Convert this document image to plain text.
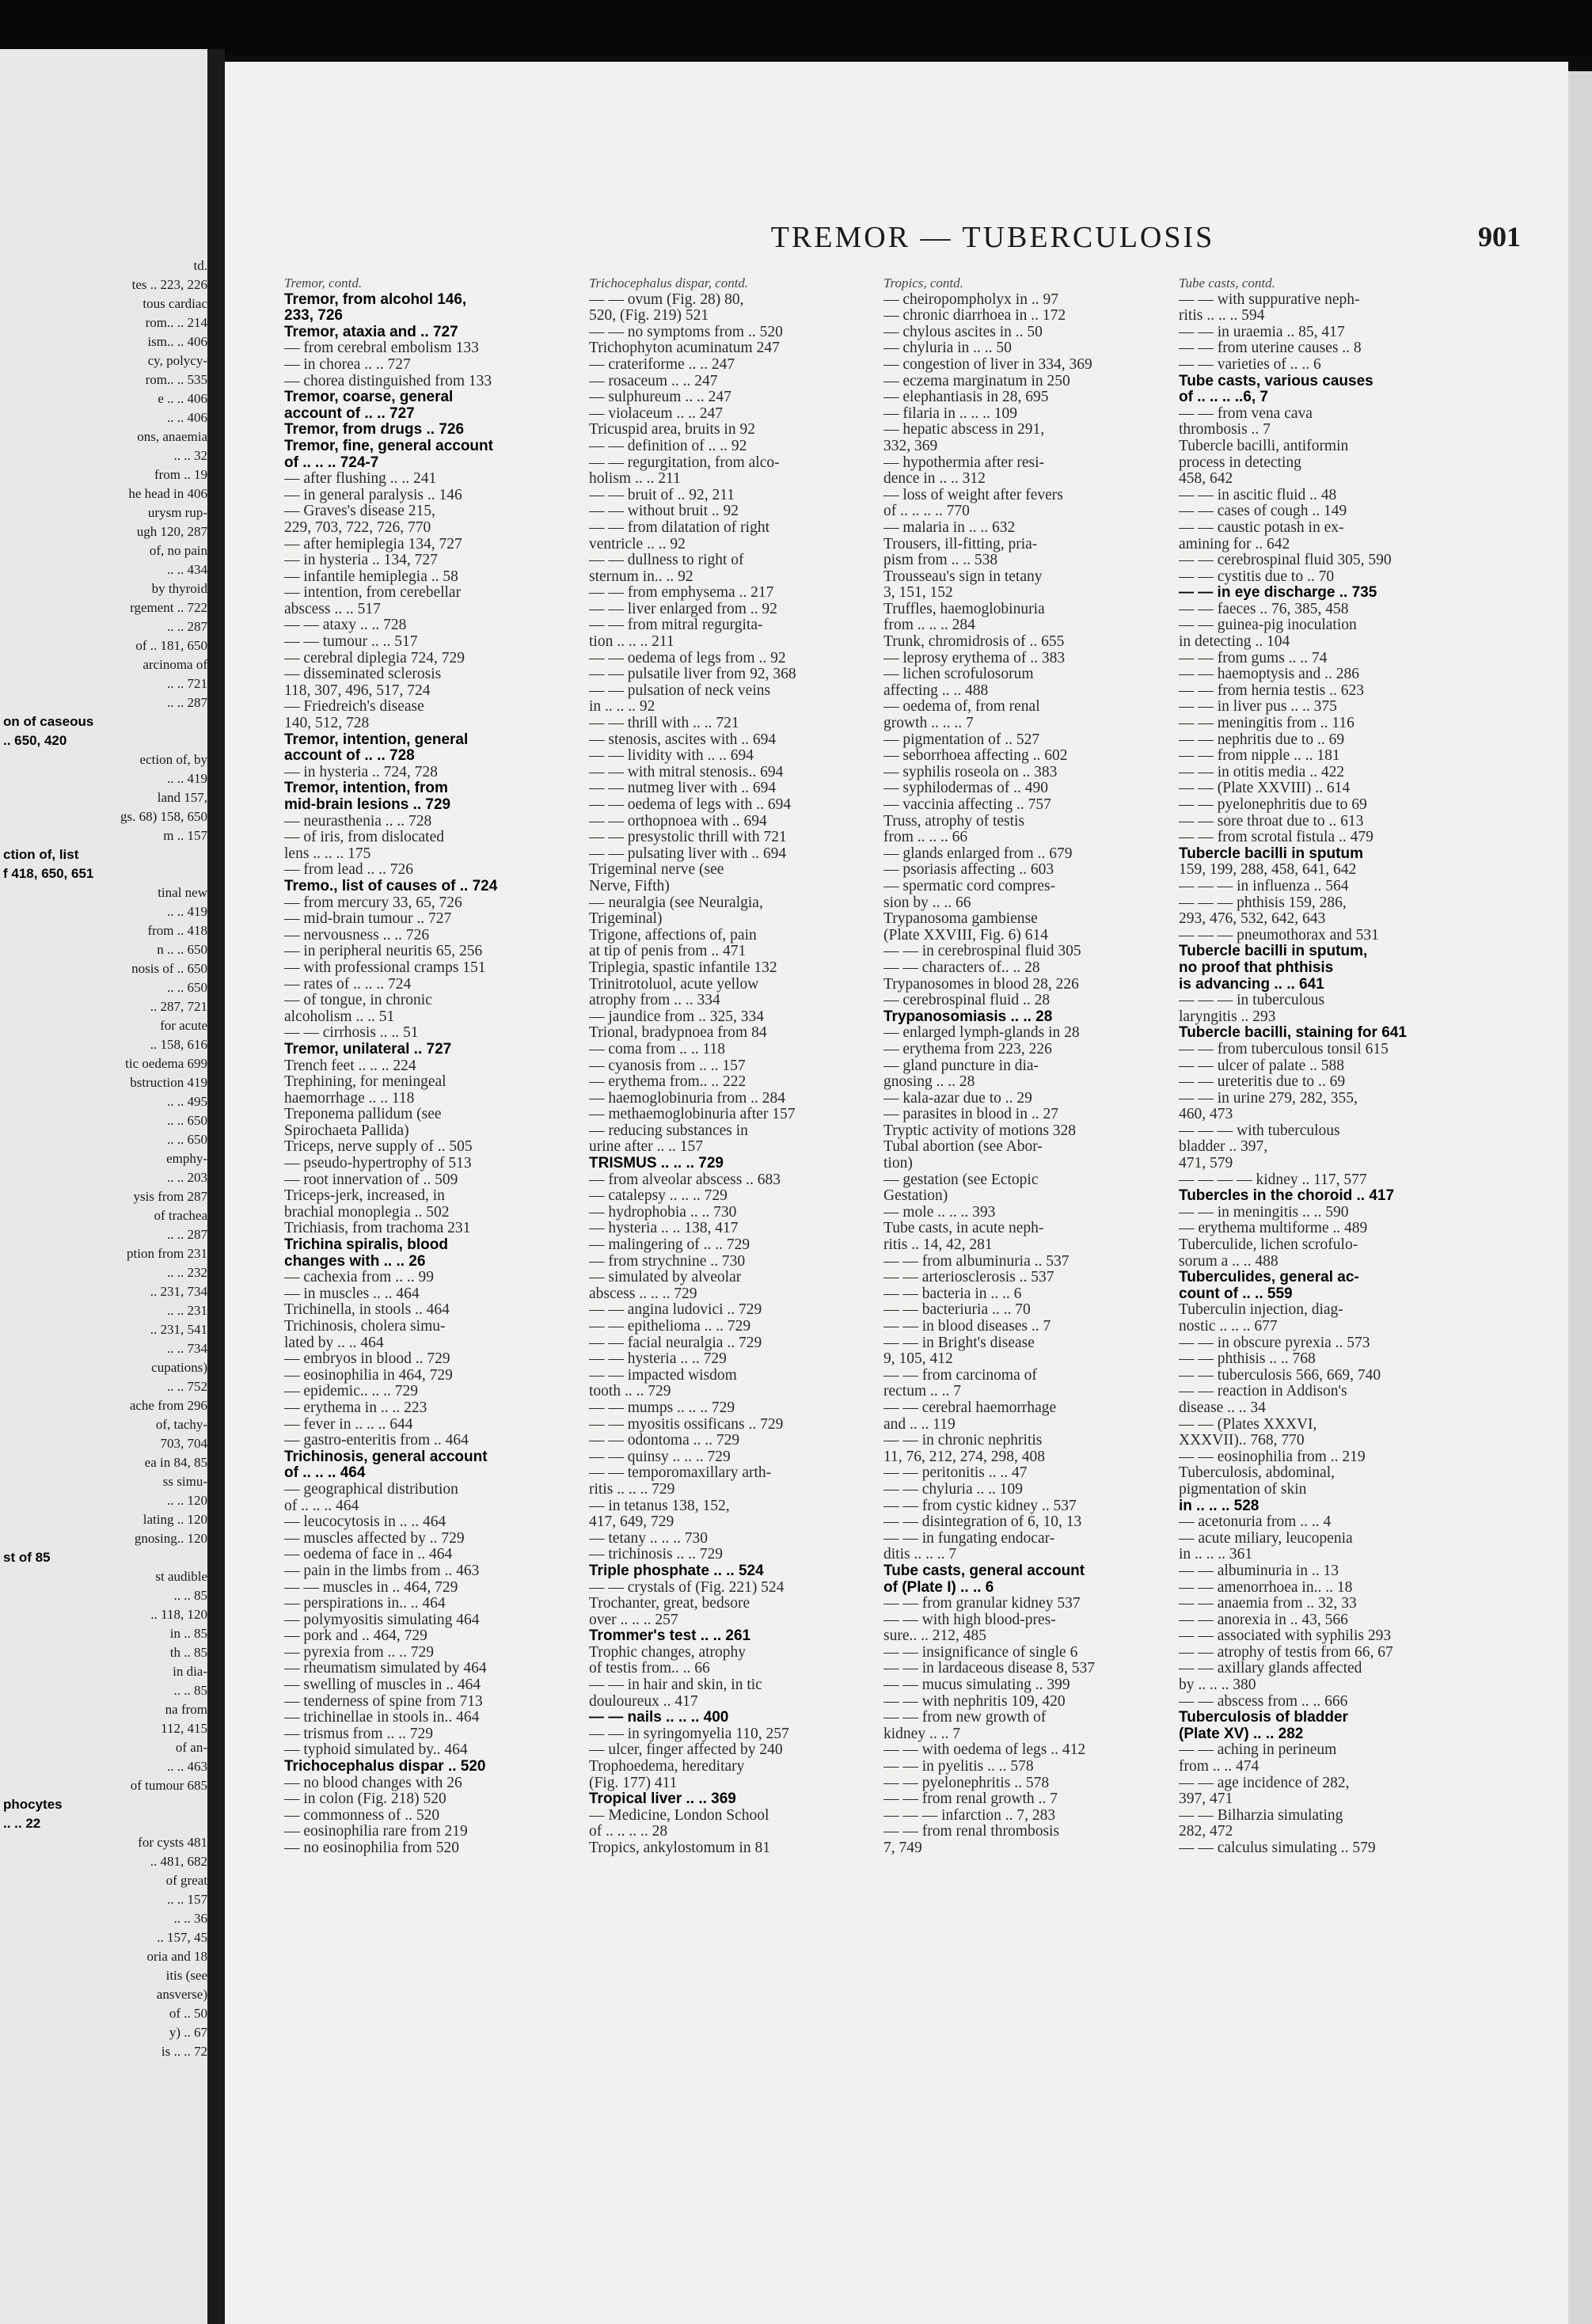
td.
tes .. 223, 226
tous cardiac
rom.. .. 214
ism.. .. 406
cy, polycy-
rom.. .. 535
e .. .. 406
.. .. 406
ons, anaemia
.. .. 32
from .. 19
he head in 406
urysm rup-
ugh 120, 287
of, no pain
.. .. 434
by thyroid
rgement .. 722
.. .. 287
of .. 181, 650
arcinoma of
.. .. 721
.. .. 287
on of caseous
.. 650, 420
ection of, by
.. .. 419
land 157,
gs. 68) 158, 650
m .. 157
ction of, list
f 418, 650, 651
tinal new
.. .. 419
from .. 418
n .. .. 650
nosis of .. 650
.. .. 650
.. 287, 721
for acute
.. 158, 616
tic oedema 699
bstruction 419
.. .. 495
.. .. 650
.. .. 650
emphy-
.. .. 203
ysis from 287
of trachea
.. .. 287
ption from 231
.. .. 232
.. 231, 734
.. .. 231
.. 231, 541
.. .. 734
cupations)
.. .. 752
ache from 296
of, tachy-
703, 704
ea in 84, 85
ss simu-
.. .. 120
lating .. 120
gnosing.. 120
st of 85
st audible
.. .. 85
.. 118, 120
in .. 85
th .. 85
in dia-
.. .. 85
na from
112, 415
of an-
.. .. 463
of tumour 685
phocytes
.. .. 22
for cysts 481
.. 481, 682
of great
.. .. 157
.. .. 36
.. 157, 45
oria and 18
itis (see
ansverse)
of .. 50
y) .. 67
is .. .. 72
TREMOR — TUBERCULOSIS	901
Tremor, contd.
Tremor, from alcohol 146,
233, 726
Tremor, ataxia and .. 727
— from cerebral embolism 133
— in chorea .. .. 727
— chorea distinguished from 133
Tremor, coarse, general
account of .. .. 727
Tremor, from drugs .. 726
Tremor, fine, general account
of .. .. .. 724-7
— after flushing .. .. 241
— in general paralysis .. 146
— Graves's disease 215,
229, 703, 722, 726, 770
— after hemiplegia 134, 727
— in hysteria .. 134, 727
— infantile hemiplegia .. 58
— intention, from cerebellar
abscess .. .. 517
— — ataxy .. .. 728
— — tumour .. .. 517
— cerebral diplegia 724, 729
— disseminated sclerosis
118, 307, 496, 517, 724
— Friedreich's disease
140, 512, 728
Tremor, intention, general
account of .. .. 728
— in hysteria .. 724, 728
Tremor, intention, from
mid-brain lesions .. 729
— neurasthenia .. .. 728
— of iris, from dislocated
lens .. .. .. 175
— from lead .. .. 726
Tremo., list of causes of .. 724
— from mercury 33, 65, 726
— mid-brain tumour .. 727
— nervousness .. .. 726
— in peripheral neuritis 65, 256
— with professional cramps 151
— rates of .. .. .. 724
— of tongue, in chronic
alcoholism .. .. 51
— — cirrhosis .. .. 51
Tremor, unilateral .. 727
Trench feet .. .. .. 224
Trephining, for meningeal
haemorrhage .. .. 118
Treponema pallidum (see
Spirochaeta Pallida)
Triceps, nerve supply of .. 505
— pseudo-hypertrophy of 513
— root innervation of .. 509
Triceps-jerk, increased, in
brachial monoplegia .. 502
Trichiasis, from trachoma 231
Trichina spiralis, blood
changes with .. .. 26
— cachexia from .. .. 99
— in muscles .. .. 464
Trichinella, in stools .. 464
Trichinosis, cholera simu-
lated by .. .. 464
— embryos in blood .. 729
— eosinophilia in 464, 729
— epidemic.. .. .. 729
— erythema in .. .. 223
— fever in .. .. .. 644
— gastro-enteritis from .. 464
Trichinosis, general account
of .. .. .. 464
— geographical distribution
of .. .. .. 464
— leucocytosis in .. .. 464
— muscles affected by .. 729
— oedema of face in .. 464
— pain in the limbs from .. 463
— — muscles in .. 464, 729
— perspirations in.. .. 464
— polymyositis simulating 464
— pork and .. 464, 729
— pyrexia from .. .. 729
— rheumatism simulated by 464
— swelling of muscles in .. 464
— tenderness of spine from 713
— trichinellae in stools in.. 464
— trismus from .. .. 729
— typhoid simulated by.. 464
Trichocephalus dispar .. 520
— no blood changes with 26
— in colon (Fig. 218) 520
— commonness of .. 520
— eosinophilia rare from 219
— no eosinophilia from 520
Trichocephalus dispar, contd.
— — ovum (Fig. 28) 80,
520, (Fig. 219) 521
— — no symptoms from .. 520
Trichophyton acuminatum 247
— crateriforme .. .. 247
— rosaceum .. .. 247
— sulphureum .. .. 247
— violaceum .. .. 247
Tricuspid area, bruits in 92
— — definition of .. .. 92
— — regurgitation, from alco-
holism .. .. 211
— — bruit of .. 92, 211
— — without bruit .. 92
— — from dilatation of right
ventricle .. .. 92
— — dullness to right of
sternum in.. .. 92
— — from emphysema .. 217
— — liver enlarged from .. 92
— — from mitral regurgita-
tion .. .. .. 211
— — oedema of legs from .. 92
— — pulsatile liver from 92, 368
— — pulsation of neck veins
in .. .. .. 92
— — thrill with .. .. 721
— stenosis, ascites with .. 694
— — lividity with .. .. 694
— — with mitral stenosis.. 694
— — nutmeg liver with .. 694
— — oedema of legs with .. 694
— — orthopnoea with .. 694
— — presystolic thrill with 721
— — pulsating liver with .. 694
Trigeminal nerve (see
Nerve, Fifth)
— neuralgia (see Neuralgia,
Trigeminal)
Trigone, affections of, pain
at tip of penis from .. 471
Triplegia, spastic infantile 132
Trinitrotoluol, acute yellow
atrophy from .. .. 334
— jaundice from .. 325, 334
Trional, bradypnoea from 84
— coma from .. .. 118
— cyanosis from .. .. 157
— erythema from.. .. 222
— haemoglobinuria from .. 284
— methaemoglobinuria after 157
— reducing substances in
urine after .. .. 157
TRISMUS .. .. .. 729
— from alveolar abscess .. 683
— catalepsy .. .. .. 729
— hydrophobia .. .. 730
— hysteria .. .. 138, 417
— malingering of .. .. 729
— from strychnine .. 730
— simulated by alveolar
abscess .. .. .. 729
— — angina ludovici .. 729
— — epithelioma .. .. 729
— — facial neuralgia .. 729
— — hysteria .. .. 729
— — impacted wisdom
tooth .. .. 729
— — mumps .. .. .. 729
— — myositis ossificans .. 729
— — odontoma .. .. 729
— — quinsy .. .. .. 729
— — temporomaxillary arth-
ritis .. .. .. 729
— in tetanus 138, 152,
417, 649, 729
— tetany .. .. .. 730
— trichinosis .. .. 729
Triple phosphate .. .. 524
— — crystals of (Fig. 221) 524
Trochanter, great, bedsore
over .. .. .. 257
Trommer's test .. .. 261
Trophic changes, atrophy
of testis from.. .. 66
— — in hair and skin, in tic
douloureux .. 417
— — nails .. .. .. 400
— — in syringomyelia 110, 257
— ulcer, finger affected by 240
Trophoedema, hereditary
(Fig. 177) 411
Tropical liver .. .. 369
— Medicine, London School
of .. .. .. .. 28
Tropics, ankylostomum in 81
Tropics, contd.
— cheiropompholyx in .. 97
— chronic diarrhoea in .. 172
— chylous ascites in .. 50
— chyluria in .. .. 50
— congestion of liver in 334, 369
— eczema marginatum in 250
— elephantiasis in 28, 695
— filaria in .. .. .. 109
— hepatic abscess in 291,
332, 369
— hypothermia after resi-
dence in .. .. 312
— loss of weight after fevers
of .. .. .. .. 770
— malaria in .. .. 632
Trousers, ill-fitting, pria-
pism from .. .. 538
Trousseau's sign in tetany
3, 151, 152
Truffles, haemoglobinuria
from .. .. .. 284
Trunk, chromidrosis of .. 655
— leprosy erythema of .. 383
— lichen scrofulosorum
affecting .. .. 488
— oedema of, from renal
growth .. .. .. 7
— pigmentation of .. 527
— seborrhoea affecting .. 602
— syphilis roseola on .. 383
— syphilodermas of .. 490
— vaccinia affecting .. 757
Truss, atrophy of testis
from .. .. .. 66
— glands enlarged from .. 679
— psoriasis affecting .. 603
— spermatic cord compres-
sion by .. .. 66
Trypanosoma gambiense
(Plate XXVIII, Fig. 6) 614
— — in cerebrospinal fluid 305
— — characters of.. .. 28
Trypanosomes in blood 28, 226
— cerebrospinal fluid .. 28
Trypanosomiasis .. .. 28
— enlarged lymph-glands in 28
— erythema from 223, 226
— gland puncture in dia-
gnosing .. .. 28
— kala-azar due to .. 29
— parasites in blood in .. 27
Tryptic activity of motions 328
Tubal abortion (see Abor-
tion)
— gestation (see Ectopic
Gestation)
— mole .. .. .. 393
Tube casts, in acute neph-
ritis .. 14, 42, 281
— — from albuminuria .. 537
— — arteriosclerosis .. 537
— — bacteria in .. .. 6
— — bacteriuria .. .. 70
— — in blood diseases .. 7
— — in Bright's disease
9, 105, 412
— — from carcinoma of
rectum .. .. 7
— — cerebral haemorrhage
and .. .. 119
— — in chronic nephritis
11, 76, 212, 274, 298, 408
— — peritonitis .. .. 47
— — chyluria .. .. 109
— — from cystic kidney .. 537
— — disintegration of 6, 10, 13
— — in fungating endocar-
ditis .. .. .. 7
Tube casts, general account
of (Plate I) .. .. 6
— — from granular kidney 537
— — with high blood-pres-
sure.. .. 212, 485
— — insignificance of single 6
— — in lardaceous disease 8, 537
— — mucus simulating .. 399
— — with nephritis 109, 420
— — from new growth of
kidney .. .. 7
— — with oedema of legs .. 412
— — in pyelitis .. .. 578
— — pyelonephritis .. 578
— — from renal growth .. 7
— — — infarction .. 7, 283
— — from renal thrombosis
7, 749
Tube casts, contd.
— — with suppurative neph-
ritis .. .. .. 594
— — in uraemia .. 85, 417
— — from uterine causes .. 8
— — varieties of .. .. 6
Tube casts, various causes
of .. .. .. ..6, 7
— — from vena cava
thrombosis .. 7
Tubercle bacilli, antiformin
process in detecting
458, 642
— — in ascitic fluid .. 48
— — cases of cough .. 149
— — caustic potash in ex-
amining for .. 642
— — cerebrospinal fluid 305, 590
— — cystitis due to .. 70
— — in eye discharge .. 735
— — faeces .. 76, 385, 458
— — guinea-pig inoculation
in detecting .. 104
— — from gums .. .. 74
— — haemoptysis and .. 286
— — from hernia testis .. 623
— — in liver pus .. .. 375
— — meningitis from .. 116
— — nephritis due to .. 69
— — from nipple .. .. 181
— — in otitis media .. 422
— — (Plate XXVIII) .. 614
— — pyelonephritis due to 69
— — sore throat due to .. 613
— — from scrotal fistula .. 479
Tubercle bacilli in sputum
159, 199, 288, 458, 641, 642
— — — in influenza .. 564
— — — phthisis 159, 286,
293, 476, 532, 642, 643
— — — pneumothorax and 531
Tubercle bacilli in sputum,
no proof that phthisis
is advancing .. .. 641
— — — in tuberculous
laryngitis .. 293
Tubercle bacilli, staining for 641
— — from tuberculous tonsil 615
— — ulcer of palate .. 588
— — ureteritis due to .. 69
— — in urine 279, 282, 355,
460, 473
— — — with tuberculous
bladder .. 397,
471, 579
— — — — kidney .. 117, 577
Tubercles in the choroid .. 417
— — in meningitis .. .. 590
— erythema multiforme .. 489
Tuberculide, lichen scrofulo-
sorum a .. .. 488
Tuberculides, general ac-
count of .. .. 559
Tuberculin injection, diag-
nostic .. .. .. 677
— — in obscure pyrexia .. 573
— — phthisis .. .. 768
— — tuberculosis 566, 669, 740
— — reaction in Addison's
disease .. .. 34
— — (Plates XXXVI,
XXXVII).. 768, 770
— — eosinophilia from .. 219
Tuberculosis, abdominal,
pigmentation of skin
in .. .. .. 528
— acetonuria from .. .. 4
— acute miliary, leucopenia
in .. .. .. 361
— — albuminuria in .. 13
— — amenorrhoea in.. .. 18
— — anaemia from .. 32, 33
— — anorexia in .. 43, 566
— — associated with syphilis 293
— — atrophy of testis from 66, 67
— — axillary glands affected
by .. .. .. 380
— — abscess from .. .. 666
Tuberculosis of bladder
(Plate XV) .. .. 282
— — aching in perineum
from .. .. 474
— — age incidence of 282,
397, 471
— — Bilharzia simulating
282, 472
— — calculus simulating .. 579
